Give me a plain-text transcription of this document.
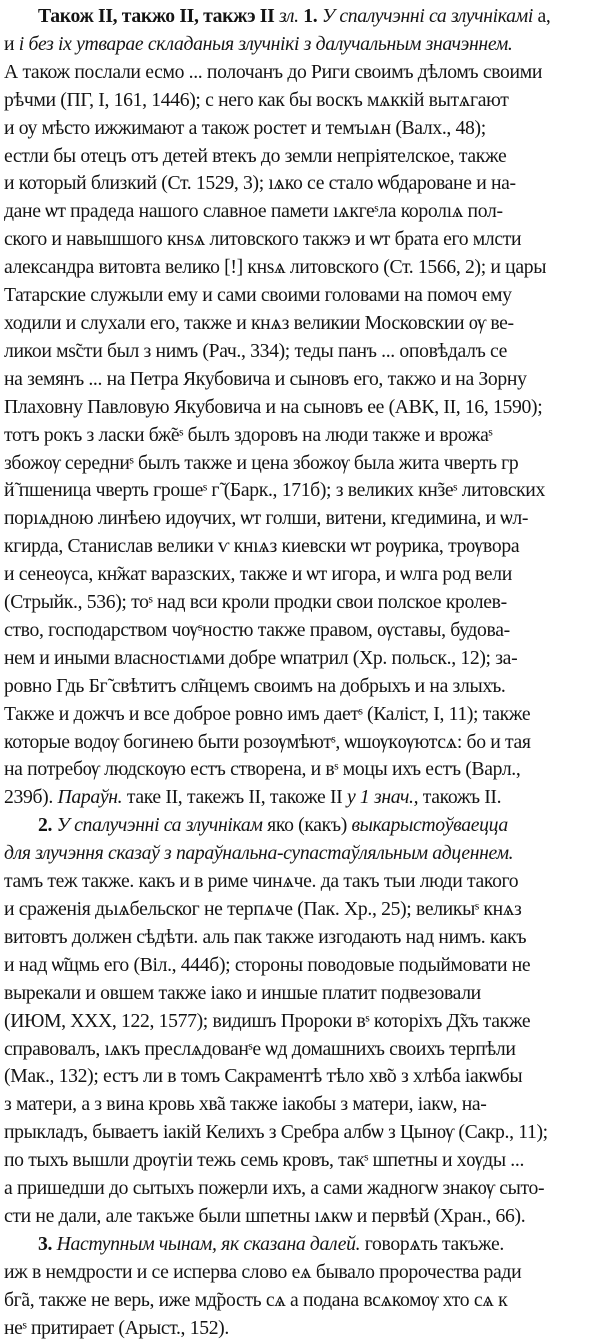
Також II, такжо II, такжэ II зл. 1. У спалучэнні са злучнікамі а,
и і без іх утварае складаныя злучнікі з далучальным значэннем.
А також послали есмо ... полочанъ до Риги своимъ дѣломъ своими
рѣчми (ПГ, I, 161, 1446); с него как бы воскъ мѧккій вытѧгают
и оу мѣсто ижжимают а також ростет и темъıѧн (Валх., 48);
естли бы отецъ отъ детей втекъ до земли непріятелское, также
и который близкий (Ст. 1529, 3); ıѧко се стало ѡбдароване и на-
дане ѡт прадеда нашого славное памети ıѧкгеˢла королıѧ пол-
ского и навышшого кнѕѧ литовского такжэ и ѡт брата его млсти
александра витовта велико [!] кнѕѧ литовского (Ст. 1566, 2); и цары
Татарские служыли ему и сами своими головами на помоч ему
ходили и слухали его, также и кнѧз великии Московскии ѹ ве-
ликои мѕ̃сти был з нимъ (Рач., 334); теды панъ ... оповѣдалъ се
на земянъ ... на Петра Якубовича и сыновъ его, такжо и на Зорну
Плаховну Павловую Якубовича и на сыновъ ее (АВК, II, 16, 1590);
тотъ рокъ з ласки бж̃еˢ былъ здоровъ на люди также и врожаˢ
збожѹ середниˢ былъ также и цена збожѹ была жита чверть гр
й̃ пшеница чверть грошеˢ г̃ (Барк., 171б); з великих кн̃зеˢ литовских
порıѧдною линѣею идѹчих, ѡт голши, витени, кгедимина, и ѡл-
кгирда, Станислав велики ѵ кнıѧз киевски ѡт рѹрика, трѹвора
и сенеѹса, кн̃жат варазских, также и ѡт игора, и ѡлга род вели
(Стрыйк., 536); тоˢ над вси кроли продки свои полское кролев-
ство, господарством чѹˢностю также правом, ѹставы, будова-
нем и иными власностıѧми добре ѡпатрил (Хр. польск., 12); за-
ровно Гдь Бг̃ свѣтитъ сл̃нцемъ своимъ на добрыхъ и на злыхъ.
Также и дожчъ и все доброе ровно имъ даетˢ (Каліст, I, 11); также
которые водѹ богинею быти розѹмѣютˢ, ѡшѹкѹютсѧ: бо и тая
на потребѹ людскѹю естъ створена, и вˢ моцы ихъ естъ (Варл.,
239б). Параўн. таке II, такежъ II, такоже II у 1 знач., такожъ II.

2. У спалучэнні са злучнікам яко (какъ) выкарыстоўваецца
для злучэння сказаў з параўнальна-супастаўляльным адценнем.
тамъ теж также. какъ и в риме чинѧче. да такъ тыи люди такого
и сраженія дьıѧбельског не терпѧче (Пак. Хр., 25); великыˢ кнѧз
витовтъ должен сѣдѣти. аль пак также изгодають над нимъ. какъ
и над ѡ̃щмь его (Віл., 444б); стороны поводовые подыймовати не
вырекали и овшем также іако и иншые платит подвезовали
(ИЮМ, XXX, 122, 1577); видишъ Пророки вˢ которіхъ Д̃хъ также
справовалъ, ıѧкъ преслѧдованˢе ѡд домашнихъ своихъ терпѣли
(Мак., 132); естъ ли в томъ Сакраментѣ тѣло хв̃о з хлѣба іакѡбы
з матери, а з вина кровь хв̃а также іакобы з матери, іакѡ, на-
прыкладъ, бываетъ іакій Келихъ з Сребра албѡ з Цынѹ (Сакр., 11);
по тыхъ вышли дрѹгіи тежь семь кровъ, такˢ шпетны и хѹды ...
а пришедши до сытыхъ пожерли ихъ, а сами жадногѡ знакѹ сыто-
сти не дали, але такъже были шпетны ıѧкѡ и первѣй (Хран., 66).

3. Наступным чынам, як сказана далей. говорѧть такъже.
иж в немдрости и се исперва слово еѧ бывало пророчества ради
бг̃а, также не верь, иже мд̃рость сѧ а подана всѧкомѹ хто сѧ к
неˢ притирает (Арыст., 152).
